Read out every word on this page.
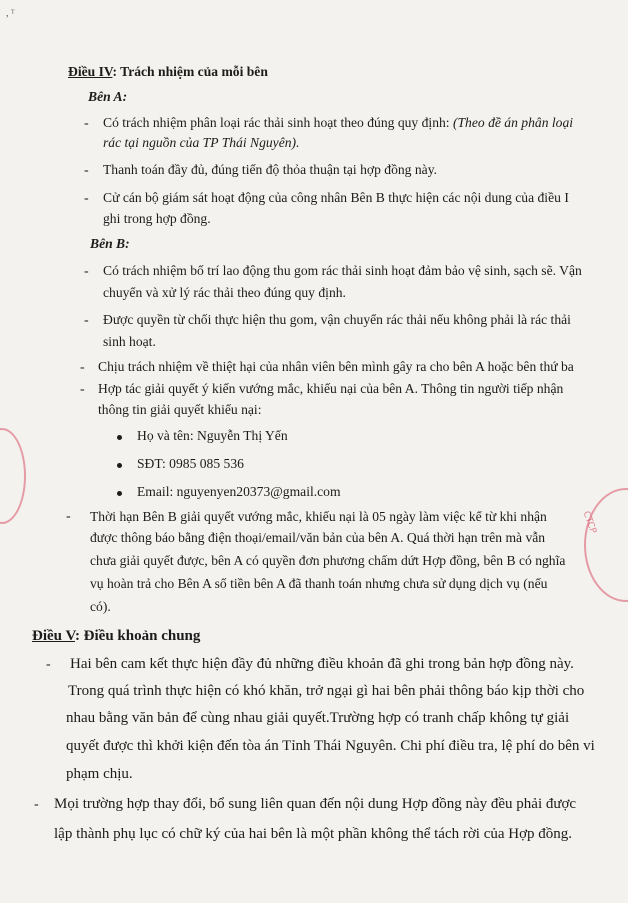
, ᵀ
Điều IV: Trách nhiệm của mỗi bên
Bên A:
- Có trách nhiệm phân loại rác thải sinh hoạt theo đúng quy định: (Theo đề án phân loại
rác tại nguồn của TP Thái Nguyên).
- Thanh toán đầy đủ, đúng tiến độ thỏa thuận tại hợp đồng này.
- Cử cán bộ giám sát hoạt động của công nhân Bên B thực hiện các nội dung của điều I
ghi trong hợp đồng.
Bên B:
- Có trách nhiệm bố trí lao động thu gom rác thải sinh hoạt đảm bảo vệ sinh, sạch sẽ. Vận
chuyển và xử lý rác thải theo đúng quy định.
- Được quyền từ chối thực hiện thu gom, vận chuyển rác thải nếu không phải là rác thải
sinh hoạt.
- Chịu trách nhiệm về thiệt hại của nhân viên bên mình gây ra cho bên A hoặc bên thứ ba
- Hợp tác giải quyết ý kiến vướng mắc, khiếu nại của bên A. Thông tin người tiếp nhận
thông tin giải quyết khiếu nại:
Họ và tên: Nguyễn Thị Yến
SĐT: 0985 085 536
Email: nguyenyen20373@gmail.com
- Thời hạn Bên B giải quyết vướng mắc, khiếu nại là 05 ngày làm việc kể từ khi nhận
được thông báo bằng điện thoại/email/văn bản của bên A. Quá thời hạn trên mà vẫn
chưa giải quyết được, bên A có quyền đơn phương chấm dứt Hợp đồng, bên B có nghĩa
vụ hoàn trả cho Bên A số tiền bên A đã thanh toán nhưng chưa sử dụng dịch vụ (nếu
có).
Điều V: Điều khoản chung
- Hai bên cam kết thực hiện đầy đủ những điều khoản đã ghi trong bản hợp đồng này.
Trong quá trình thực hiện có khó khăn, trở ngại gì hai bên phải thông báo kịp thời cho
nhau bằng văn bản để cùng nhau giải quyết.Trường hợp có tranh chấp không tự giải
quyết được thì khởi kiện đến tòa án Tỉnh Thái Nguyên. Chi phí điều tra, lệ phí do bên vi
phạm chịu.
- Mọi trường hợp thay đổi, bổ sung liên quan đến nội dung Hợp đồng này đều phải được
lập thành phụ lục có chữ ký của hai bên là một phần không thể tách rời của Hợp đồng.
CTCP
